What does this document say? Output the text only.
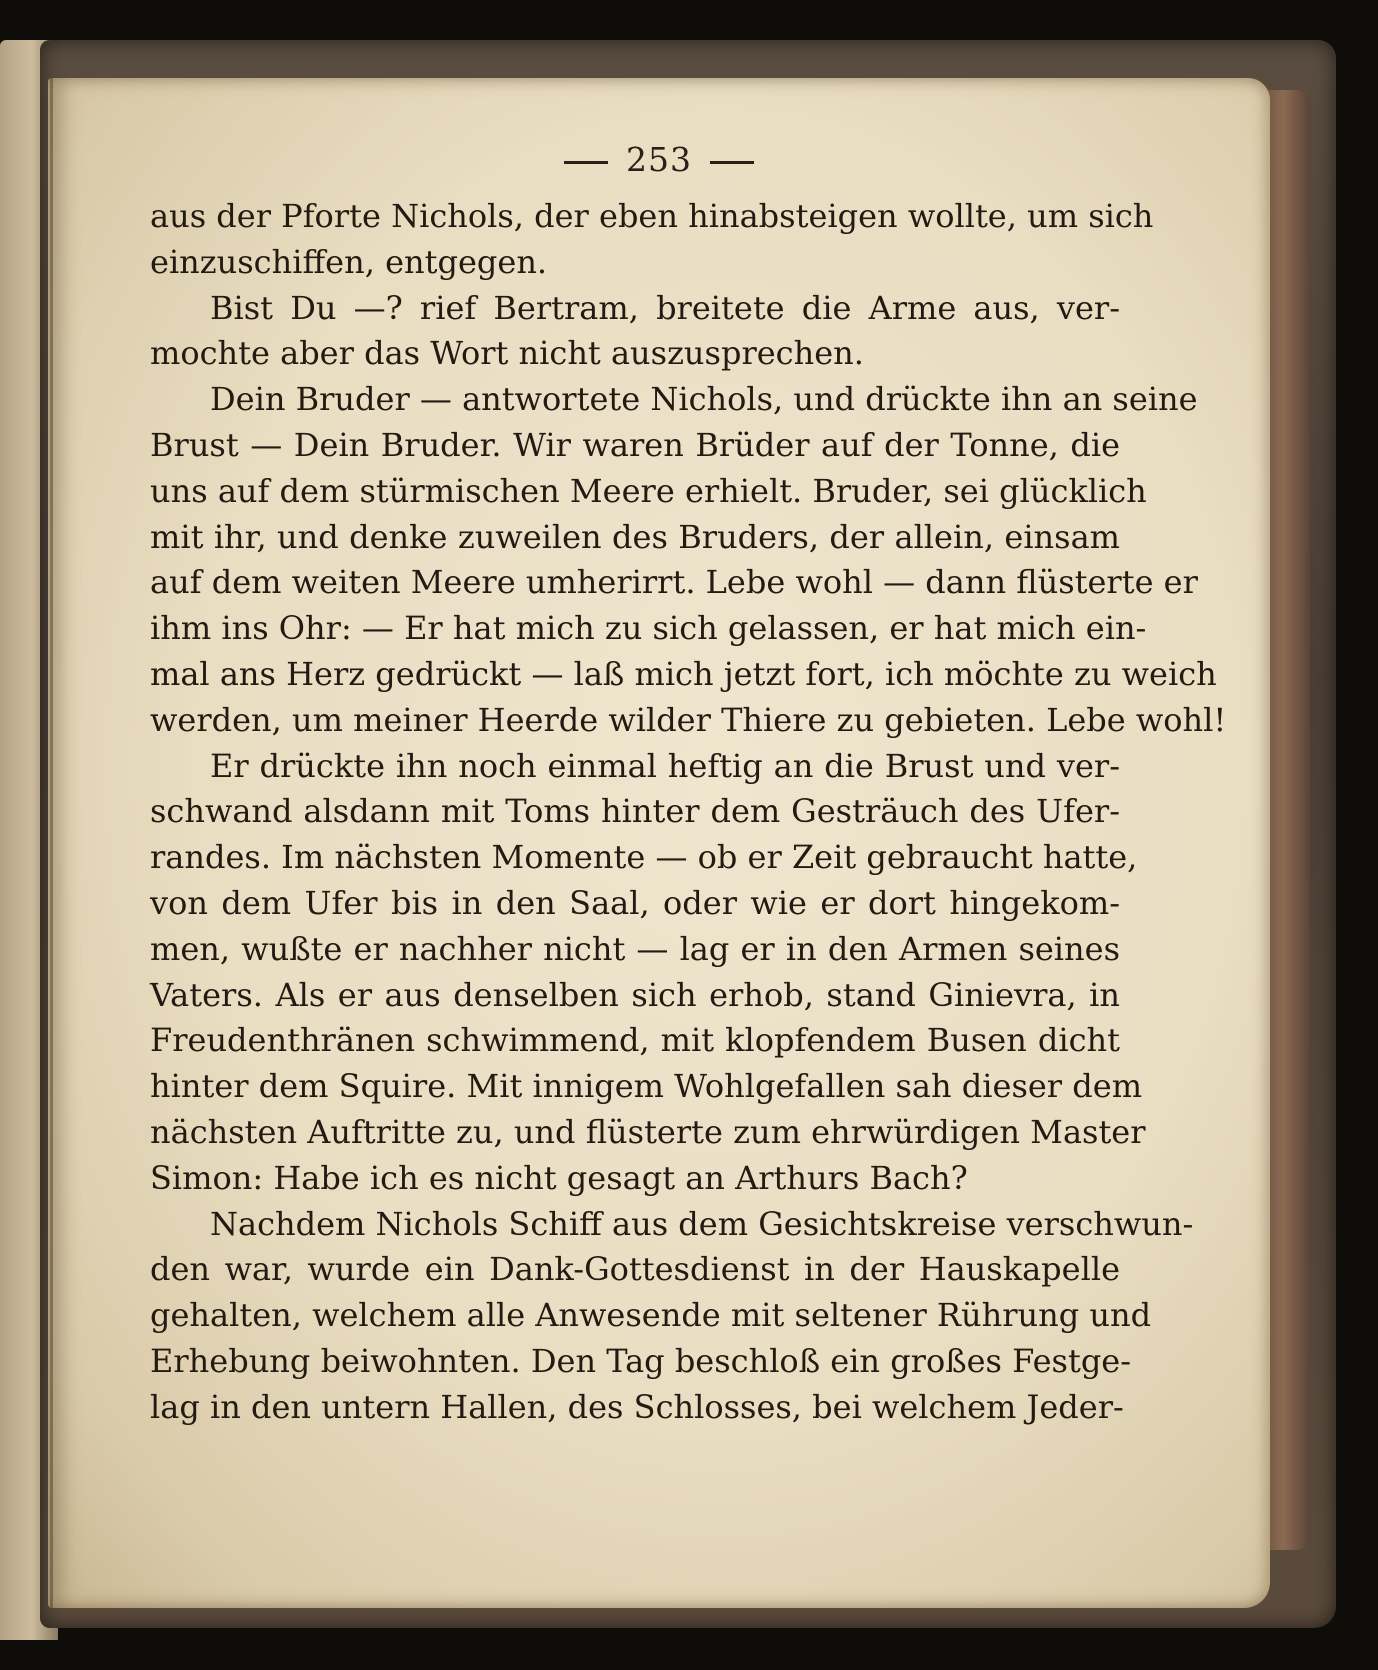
253
aus der Pforte Nichols, der eben hinabsteigen wollte, um sich
einzuschiffen, entgegen.
Bist Du —? rief Bertram, breitete die Arme aus, ver-
mochte aber das Wort nicht auszusprechen.
Dein Bruder — antwortete Nichols, und drückte ihn an seine
Brust — Dein Bruder. Wir waren Brüder auf der Tonne, die
uns auf dem stürmischen Meere erhielt. Bruder, sei glücklich
mit ihr, und denke zuweilen des Bruders, der allein, einsam
auf dem weiten Meere umherirrt. Lebe wohl — dann flüsterte er
ihm ins Ohr: — Er hat mich zu sich gelassen, er hat mich ein-
mal ans Herz gedrückt — laß mich jetzt fort, ich möchte zu weich
werden, um meiner Heerde wilder Thiere zu gebieten. Lebe wohl!
Er drückte ihn noch einmal heftig an die Brust und ver-
schwand alsdann mit Toms hinter dem Gesträuch des Ufer-
randes. Im nächsten Momente — ob er Zeit gebraucht hatte,
von dem Ufer bis in den Saal, oder wie er dort hingekom-
men, wußte er nachher nicht — lag er in den Armen seines
Vaters. Als er aus denselben sich erhob, stand Ginievra, in
Freudenthränen schwimmend, mit klopfendem Busen dicht
hinter dem Squire. Mit innigem Wohlgefallen sah dieser dem
nächsten Auftritte zu, und flüsterte zum ehrwürdigen Master
Simon: Habe ich es nicht gesagt an Arthurs Bach?
Nachdem Nichols Schiff aus dem Gesichtskreise verschwun-
den war, wurde ein Dank-Gottesdienst in der Hauskapelle
gehalten, welchem alle Anwesende mit seltener Rührung und
Erhebung beiwohnten. Den Tag beschloß ein großes Festge-
lag in den untern Hallen, des Schlosses, bei welchem Jeder-
